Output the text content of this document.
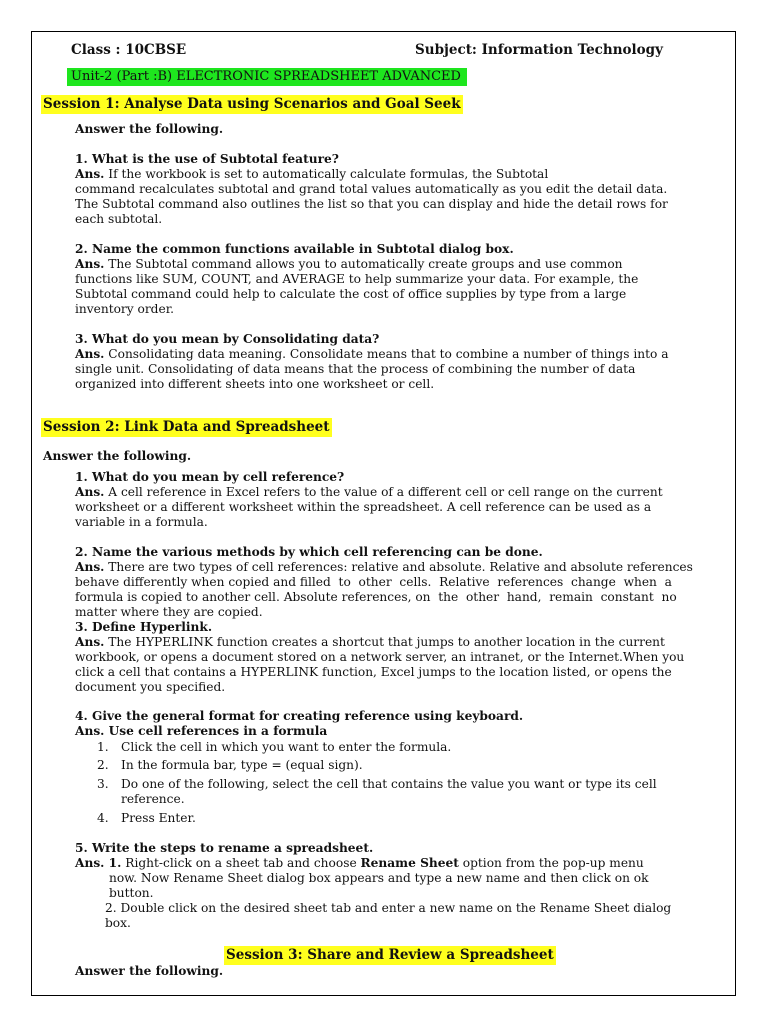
Class : 10CBSE	Subject: Information Technology
Unit-2 (Part :B) ELECTRONIC SPREADSHEET ADVANCED
Session 1: Analyse Data using Scenarios and Goal Seek
Answer the following.
1. What is the use of Subtotal feature?
Ans. If the workbook is set to automatically calculate formulas, the Subtotal
command recalculates subtotal and grand total values automatically as you edit the detail data.
The Subtotal command also outlines the list so that you can display and hide the detail rows for
each subtotal.
2. Name the common functions available in Subtotal dialog box.
Ans. The Subtotal command allows you to automatically create groups and use common
functions like SUM, COUNT, and AVERAGE to help summarize your data. For example, the
Subtotal command could help to calculate the cost of office supplies by type from a large
inventory order.
3. What do you mean by Consolidating data?
Ans. Consolidating data meaning. Consolidate means that to combine a number of things into a
single unit. Consolidating of data means that the process of combining the number of data
organized into different sheets into one worksheet or cell.
Session 2: Link Data and Spreadsheet
Answer the following.
1. What do you mean by cell reference?
Ans. A cell reference in Excel refers to the value of a different cell or cell range on the current
worksheet or a different worksheet within the spreadsheet. A cell reference can be used as a
variable in a formula.
2. Name the various methods by which cell referencing can be done.
Ans. There are two types of cell references: relative and absolute. Relative and absolute references
behave differently when copied and filled  to  other  cells.  Relative  references  change  when  a
formula is copied to another cell. Absolute references, on  the  other  hand,  remain  constant  no
matter where they are copied.
3. Define Hyperlink.
Ans. The HYPERLINK function creates a shortcut that jumps to another location in the current
workbook, or opens a document stored on a network server, an intranet, or the Internet.When you
click a cell that contains a HYPERLINK function, Excel jumps to the location listed, or opens the
document you specified.
4. Give the general format for creating reference using keyboard.
Ans. Use cell references in a formula
1.	Click the cell in which you want to enter the formula.
2.	In the formula bar, type = (equal sign).
3.	Do one of the following, select the cell that contains the value you want or type its cell reference.
4.	Press Enter.
5. Write the steps to rename a spreadsheet.
Ans. 1. Right-click on a sheet tab and choose Rename Sheet option from the pop-up menu
now. Now Rename Sheet dialog box appears and type a new name and then click on ok
button.
2. Double click on the desired sheet tab and enter a new name on the Rename Sheet dialog
box.
Session 3: Share and Review a Spreadsheet
Answer the following.
